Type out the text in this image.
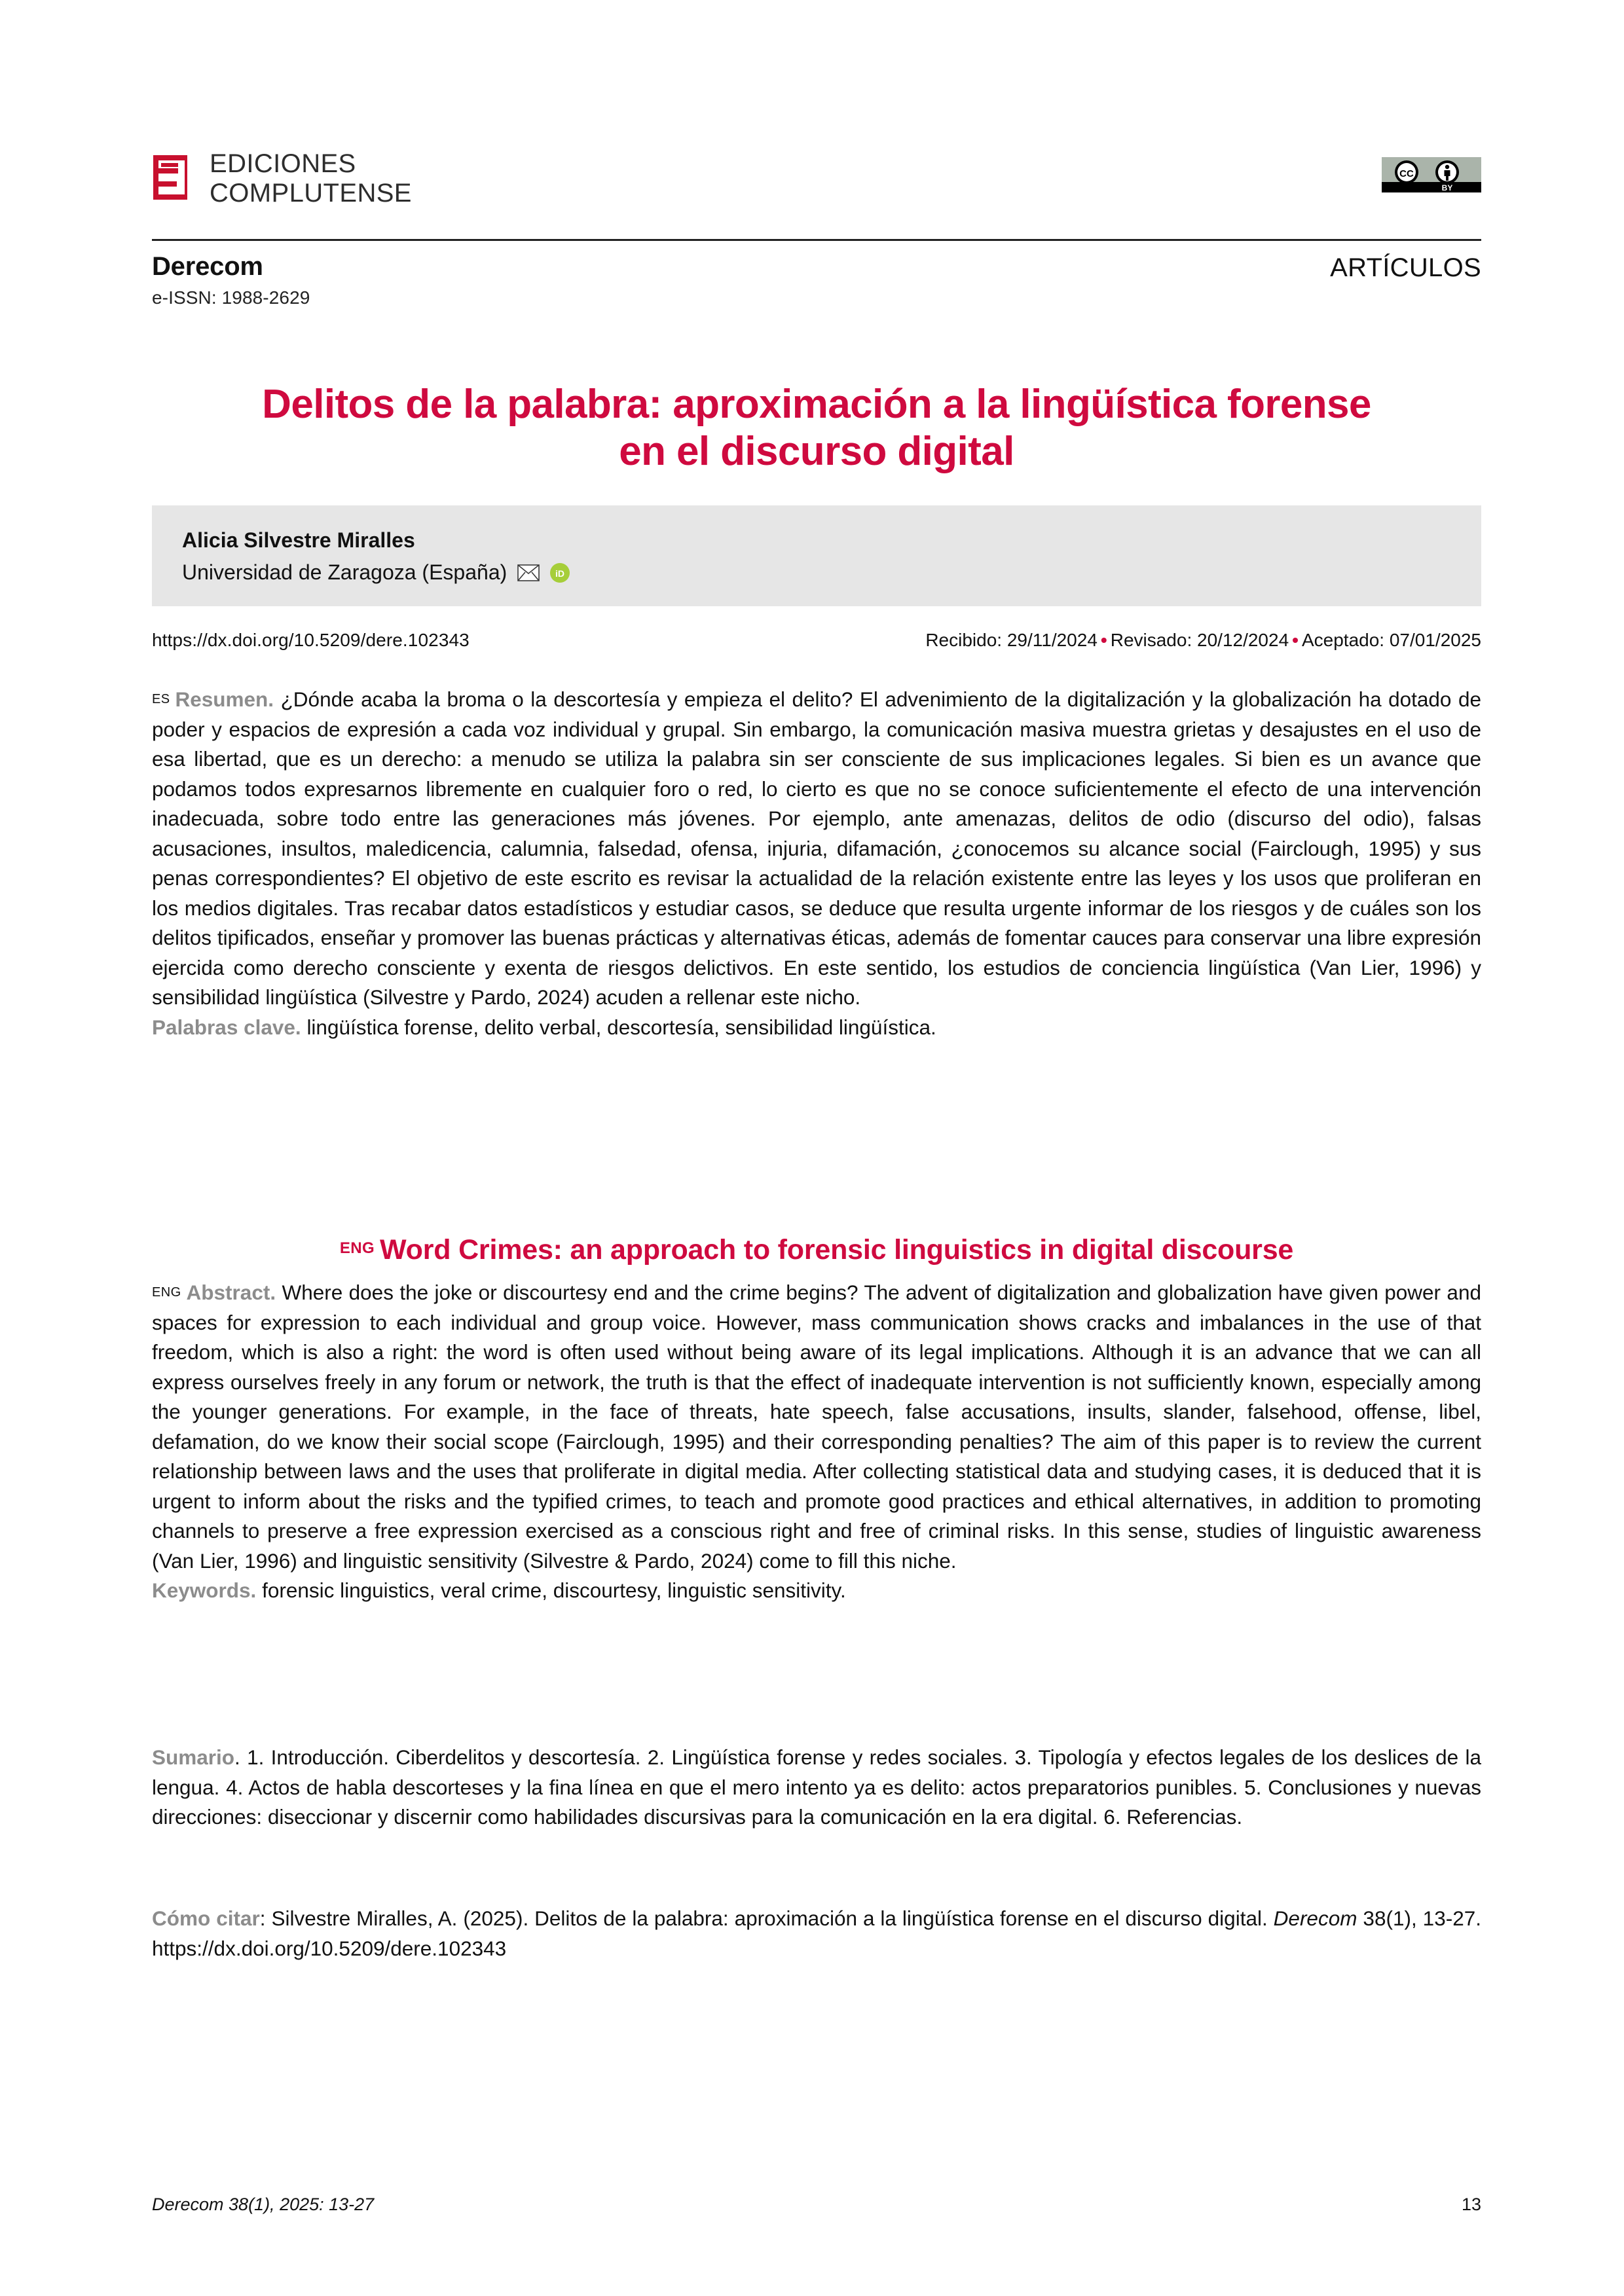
EDICIONES
COMPLUTENSE
CC
BY
Derecom
e-ISSN: 1988-2629
ARTÍCULOS
Delitos de la palabra: aproximación a la lingüística forense
en el discurso digital
Alicia Silvestre Miralles
Universidad de Zaragoza (España)	iD
https://dx.doi.org/10.5209/dere.102343	Recibido: 29/11/2024 • Revisado: 20/12/2024 • Aceptado: 07/01/2025

ES Resumen. ¿Dónde acaba la broma o la descortesía y empieza el delito? El advenimiento de la digitalización y la globalización ha dotado de poder y espacios de expresión a cada voz individual y grupal. Sin embargo, la comunicación masiva muestra grietas y desajustes en el uso de esa libertad, que es un derecho: a menudo se utiliza la palabra sin ser consciente de sus implicaciones legales. Si bien es un avance que podamos todos expresarnos libremente en cualquier foro o red, lo cierto es que no se conoce suficientemente el efecto de una intervención inadecuada, sobre todo entre las generaciones más jóvenes. Por ejemplo, ante amenazas, delitos de odio (discurso del odio), falsas acusaciones, insultos, maledicencia, calumnia, falsedad, ofensa, injuria, difamación, ¿conocemos su alcance social (Fairclough, 1995) y sus penas correspondientes? El objetivo de este escrito es revisar la actualidad de la relación existente entre las leyes y los usos que proliferan en los medios digitales. Tras recabar datos estadísticos y estudiar casos, se deduce que resulta urgente informar de los riesgos y de cuáles son los delitos tipificados, enseñar y promover las buenas prácticas y alternativas éticas, además de fomentar cauces para conservar una libre expresión ejercida como derecho consciente y exenta de riesgos delictivos. En este sentido, los estudios de conciencia lingüística (Van Lier, 1996) y sensibilidad lingüística (Silvestre y Pardo, 2024) acuden a rellenar este nicho.

Palabras clave. lingüística forense, delito verbal, descortesía, sensibilidad lingüística.

$^{ENG}$ Word Crimes: an approach to forensic linguistics in digital discourse

ENG Abstract. Where does the joke or discourtesy end and the crime begins? The advent of digitalization and globalization have given power and spaces for expression to each individual and group voice. However, mass communication shows cracks and imbalances in the use of that freedom, which is also a right: the word is often used without being aware of its legal implications. Although it is an advance that we can all express ourselves freely in any forum or network, the truth is that the effect of inadequate intervention is not sufficiently known, especially among the younger generations. For example, in the face of threats, hate speech, false accusations, insults, slander, falsehood, offense, libel, defamation, do we know their social scope (Fairclough, 1995) and their corresponding penalties? The aim of this paper is to review the current relationship between laws and the uses that proliferate in digital media. After collecting statistical data and studying cases, it is deduced that it is urgent to inform about the risks and the typified crimes, to teach and promote good practices and ethical alternatives, in addition to promoting channels to preserve a free expression exercised as a conscious right and free of criminal risks. In this sense, studies of linguistic awareness (Van Lier, 1996) and linguistic sensitivity (Silvestre & Pardo, 2024) come to fill this niche.

Keywords. forensic linguistics, veral crime, discourtesy, linguistic sensitivity.

Sumario. 1. Introducción. Ciberdelitos y descortesía. 2. Lingüística forense y redes sociales. 3. Tipología y efectos legales de los deslices de la lengua. 4. Actos de habla descorteses y la fina línea en que el mero intento ya es delito: actos preparatorios punibles. 5. Conclusiones y nuevas direcciones: diseccionar y discernir como habilidades discursivas para la comunicación en la era digital. 6. Referencias.

Cómo citar: Silvestre Miralles, A. (2025). Delitos de la palabra: aproximación a la lingüística forense en el discurso digital. Derecom 38(1), 13-27. https://dx.doi.org/10.5209/dere.102343

Derecom 38(1), 2025: 13-27	13
